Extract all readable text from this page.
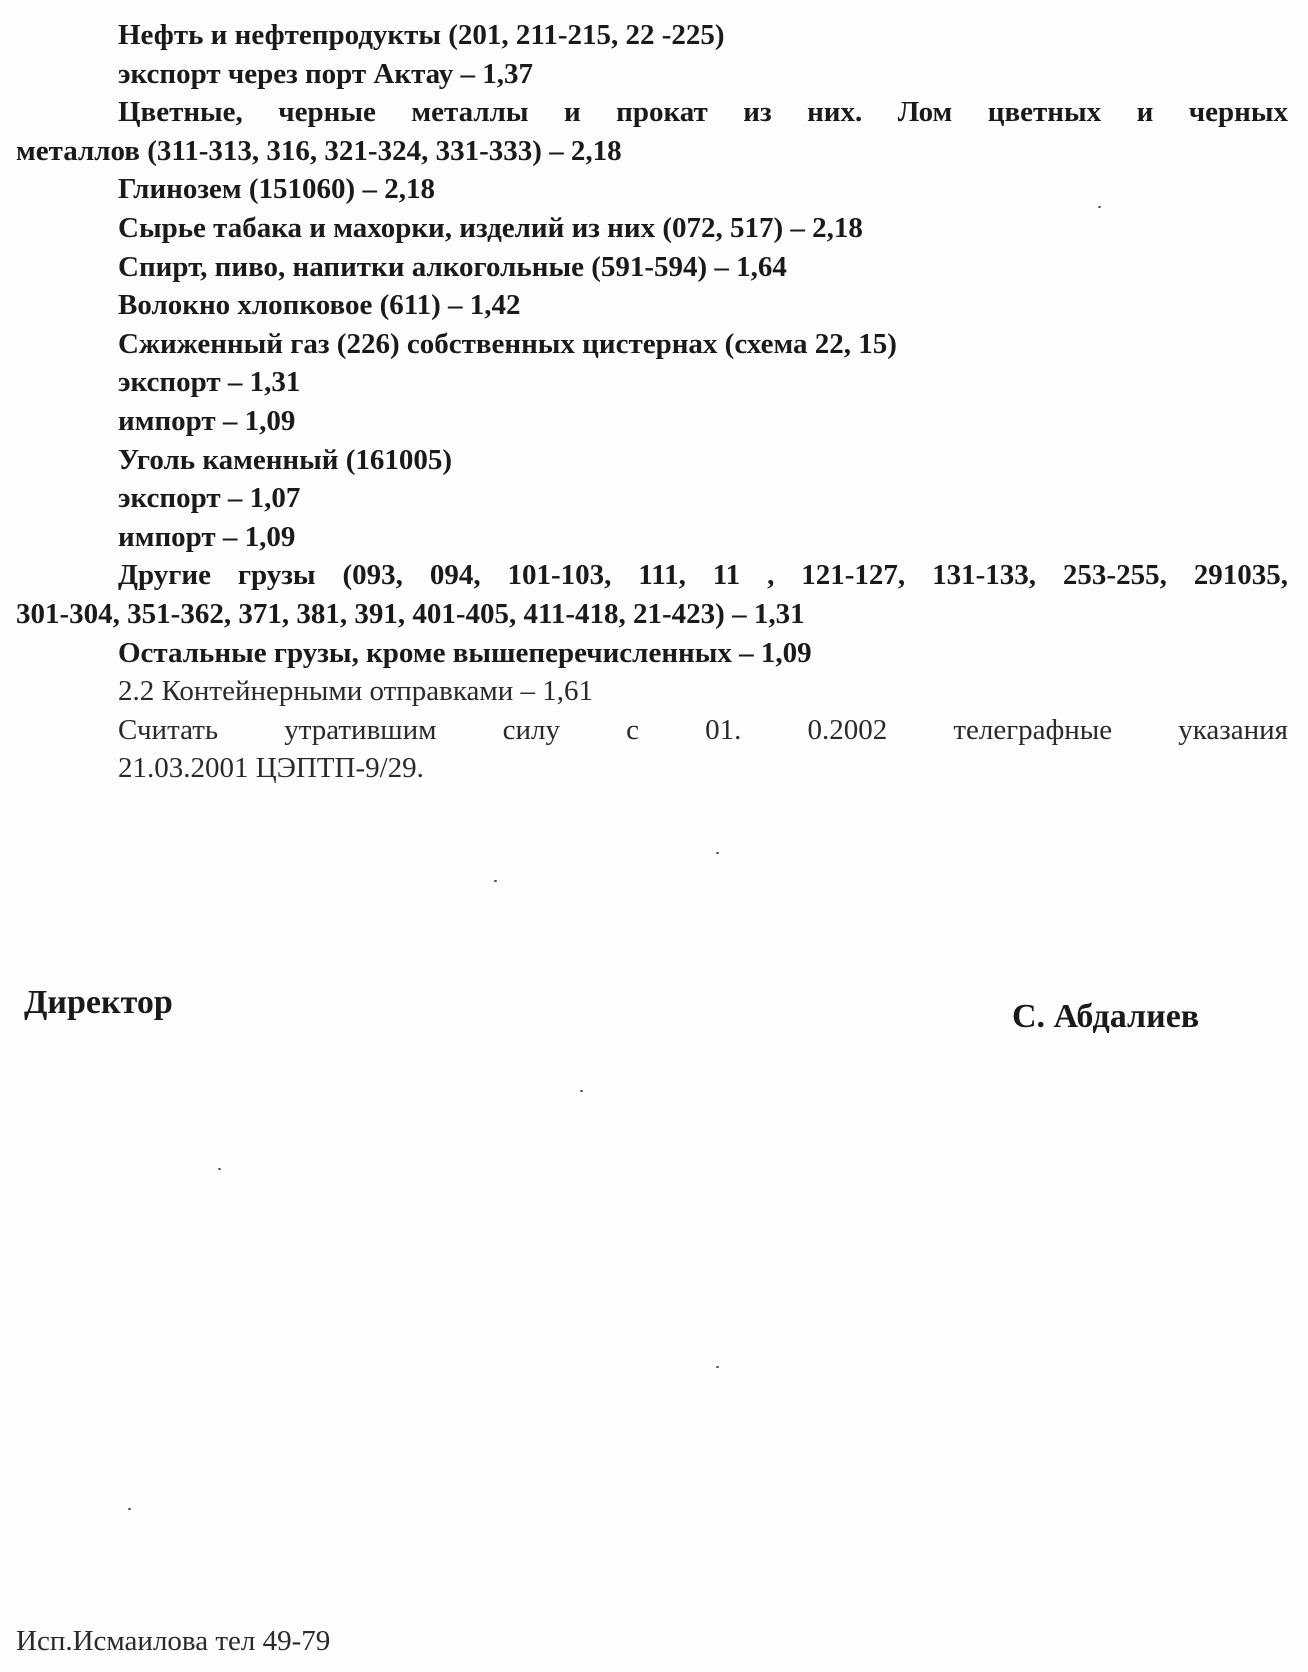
Нефть и нефтепродукты (201, 211-215, 22 -225)

экспорт через порт Актау – 1,37

Цветные, черные металлы и прокат из них. Лом цветных и черных

металлов (311-313, 316, 321-324, 331-333) – 2,18

Глинозем (151060) – 2,18

Сырье табака и махорки, изделий из них (072, 517) – 2,18

Спирт, пиво, напитки алкогольные (591-594) – 1,64

Волокно хлопковое (611) – 1,42

Сжиженный газ (226) собственных цистернах (схема 22, 15)

экспорт – 1,31

импорт – 1,09

Уголь каменный (161005)

экспорт – 1,07

импорт – 1,09

Другие грузы (093, 094, 101-103, 111, 11 , 121-127, 131-133, 253-255, 291035,

301-304, 351-362, 371, 381, 391, 401-405, 411-418, 21-423) – 1,31

Остальные грузы, кроме вышеперечисленных – 1,09

2.2 Контейнерными отправками – 1,61

Считать утратившим силу с 01. 0.2002 телеграфные указания

21.03.2001 ЦЭПТП-9/29.

Директор	С. Абдалиев
Исп.Исмаилова тел 49-79
